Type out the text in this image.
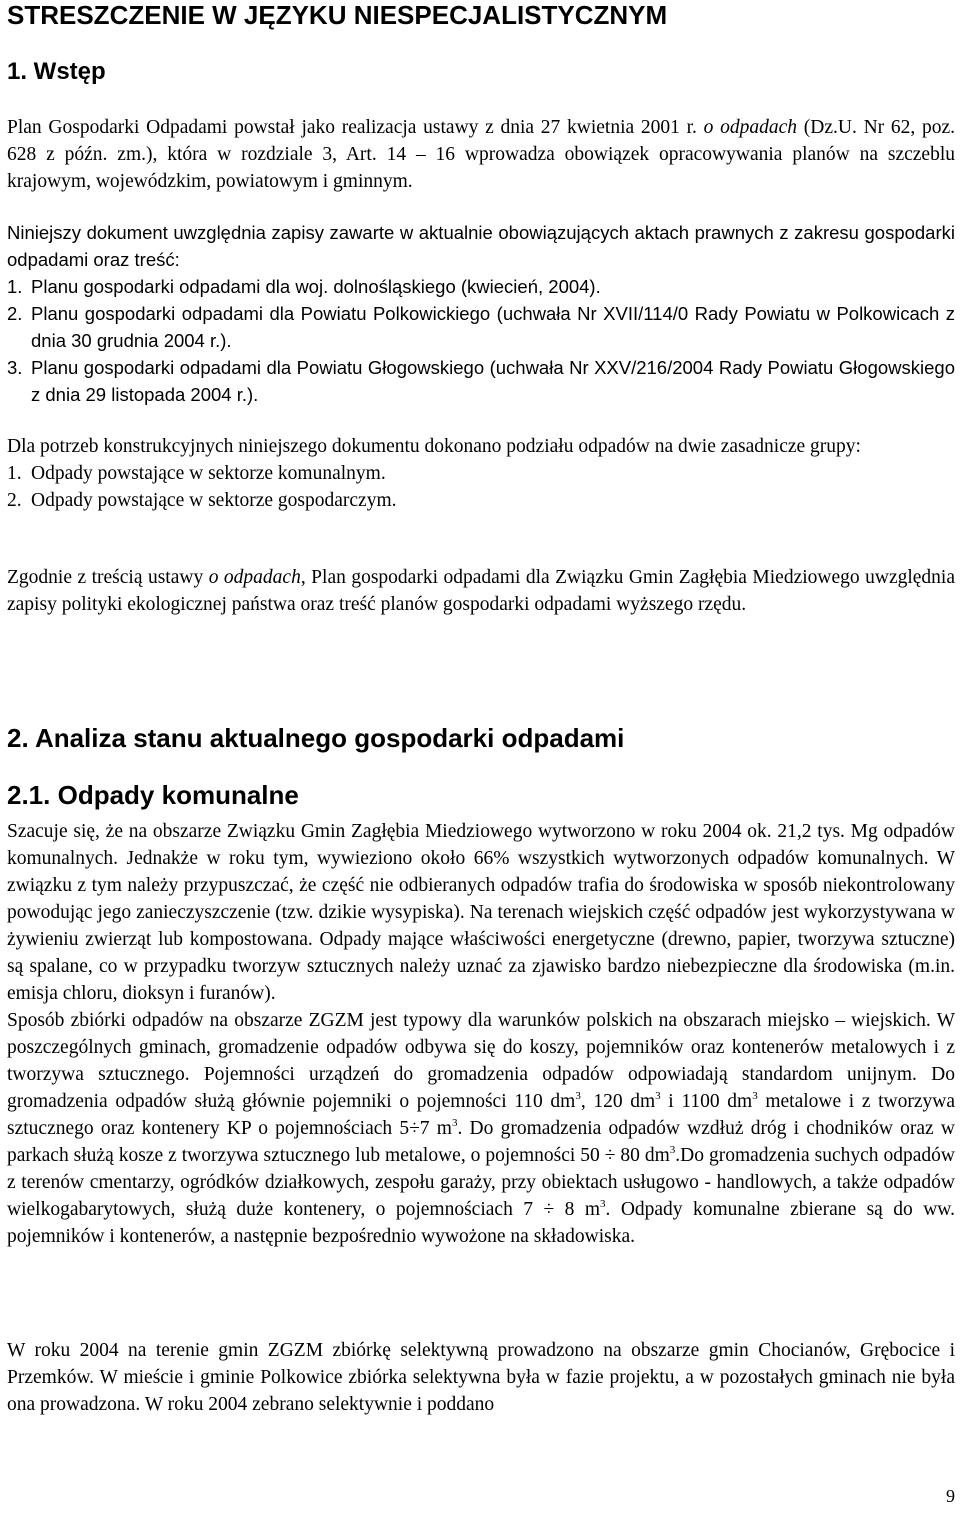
STRESZCZENIE W JĘZYKU NIESPECJALISTYCZNYM
1. Wstęp

Plan Gospodarki Odpadami powstał jako realizacja ustawy z dnia 27 kwietnia 2001 r. o odpadach (Dz.U. Nr 62, poz. 628 z późn. zm.), która w rozdziale 3, Art. 14 – 16 wprowadza obowiązek opracowywania planów na szczeblu krajowym, wojewódzkim, powiatowym i gminnym.

Niniejszy dokument uwzględnia zapisy zawarte w aktualnie obowiązujących aktach prawnych z zakresu gospodarki odpadami oraz treść:

1. Planu gospodarki odpadami dla woj. dolnośląskiego (kwiecień, 2004).
2. Planu gospodarki odpadami dla Powiatu Polkowickiego (uchwała Nr XVII/114/0 Rady Powiatu w Polkowicach z dnia 30 grudnia 2004 r.).
3. Planu gospodarki odpadami dla Powiatu Głogowskiego (uchwała Nr XXV/216/2004 Rady Powiatu Głogowskiego z dnia 29 listopada 2004 r.).

Dla potrzeb konstrukcyjnych niniejszego dokumentu dokonano podziału odpadów na dwie zasadnicze grupy:

1. Odpady powstające w sektorze komunalnym.
2. Odpady powstające w sektorze gospodarczym.

Zgodnie z treścią ustawy o odpadach, Plan gospodarki odpadami dla Związku Gmin Zagłębia Miedziowego uwzględnia zapisy polityki ekologicznej państwa oraz treść planów gospodarki odpadami wyższego rzędu.

2. Analiza stanu aktualnego gospodarki odpadami
2.1. Odpady komunalne

Szacuje się, że na obszarze Związku Gmin Zagłębia Miedziowego wytworzono w roku 2004 ok. 21,2 tys. Mg odpadów komunalnych. Jednakże w roku tym, wywieziono około 66% wszystkich wytworzonych odpadów komunalnych. W związku z tym należy przypuszczać, że część nie odbieranych odpadów trafia do środowiska w sposób niekontrolowany powodując jego zanieczyszczenie (tzw. dzikie wysypiska). Na terenach wiejskich część odpadów jest wykorzystywana w żywieniu zwierząt lub kompostowana. Odpady mające właściwości energetyczne (drewno, papier, tworzywa sztuczne) są spalane, co w przypadku tworzyw sztucznych należy uznać za zjawisko bardzo niebezpieczne dla środowiska (m.in. emisja chloru, dioksyn i furanów).

Sposób zbiórki odpadów na obszarze ZGZM jest typowy dla warunków polskich na obszarach miejsko – wiejskich. W poszczególnych gminach, gromadzenie odpadów odbywa się do koszy, pojemników oraz kontenerów metalowych i z tworzywa sztucznego. Pojemności urządzeń do gromadzenia odpadów odpowiadają standardom unijnym. Do gromadzenia odpadów służą głównie pojemniki o pojemności 110 $dm^3$, 120 $dm^3$ i 1100 $dm^3$ metalowe i z tworzywa sztucznego oraz kontenery KP o pojemnościach 5÷7 $m^3$. Do gromadzenia odpadów wzdłuż dróg i chodników oraz w parkach służą kosze z tworzywa sztucznego lub metalowe, o pojemności 50 ÷ 80 $dm^3.Do$ gromadzenia suchych odpadów z terenów cmentarzy, ogródków działkowych, zespołu garaży, przy obiektach usługowo - handlowych, a także odpadów wielkogabarytowych, służą duże kontenery, o pojemnościach 7 ÷ 8 $m^3$. Odpady komunalne zbierane są do ww. pojemników i kontenerów, a następnie bezpośrednio wywożone na składowiska.

W roku 2004 na terenie gmin ZGZM zbiórkę selektywną prowadzono na obszarze gmin Chocianów, Grębocice i Przemków. W mieście i gminie Polkowice zbiórka selektywna była w fazie projektu, a w pozostałych gminach nie była ona prowadzona. W roku 2004 zebrano selektywnie i poddano

9
